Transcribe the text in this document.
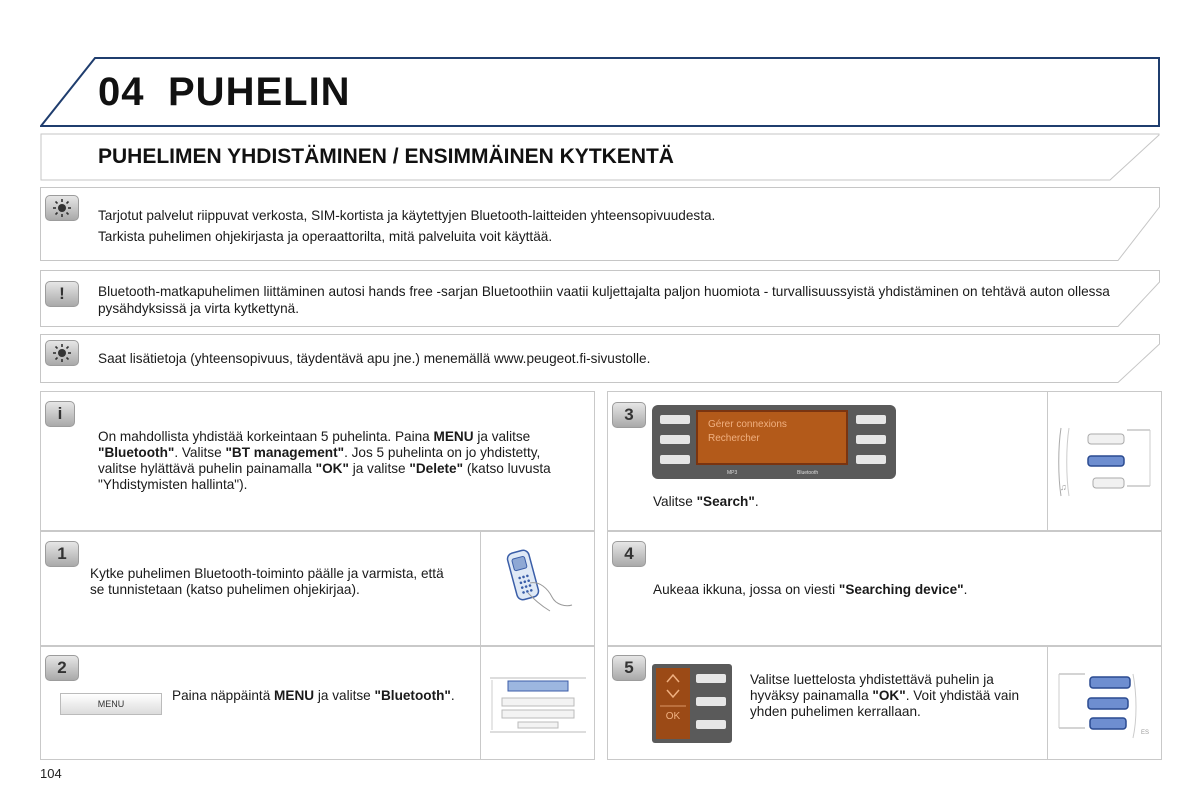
04 PUHELIN
PUHELIMEN YHDISTÄMINEN / ENSIMMÄINEN KYTKENTÄ
Tarjotut palvelut riippuvat verkosta, SIM-kortista ja käytettyjen Bluetooth-laitteiden yhteensopivuudesta.
Tarkista puhelimen ohjekirjasta ja operaattorilta, mitä palveluita voit käyttää.
!	Bluetooth-matkapuhelimen liittäminen autosi hands free -sarjan Bluetoothiin vaatii kuljettajalta paljon huomiota - turvallisuussyistä yhdistäminen on tehtävä auton ollessa pysähdyksissä ja virta kytkettynä.
Saat lisätietoja (yhteensopivuus, täydentävä apu jne.) menemällä www.peugeot.fi-sivustolle.
i
On mahdollista yhdistää korkeintaan 5 puhelinta. Paina MENU ja valitse "Bluetooth". Valitse "BT management". Jos 5 puhelinta on jo yhdistetty, valitse hylättävä puhelin painamalla "OK" ja valitse "Delete" (katso luvusta "Yhdistymisten hallinta").
1
Kytke puhelimen Bluetooth-toiminto päälle ja varmista, että se tunnistetaan (katso puhelimen ohjekirjaa).
2
MENU
Paina näppäintä MENU ja valitse "Bluetooth".
3
Gérer connexions
Rechercher
MP3	Bluetooth
Valitse "Search".
♫
4
Aukeaa ikkuna, jossa on viesti "Searching device".
5
OK
Valitse luettelosta yhdistettävä puhelin ja hyväksy painamalla "OK". Voit yhdistää vain yhden puhelimen kerrallaan.
ES
104
